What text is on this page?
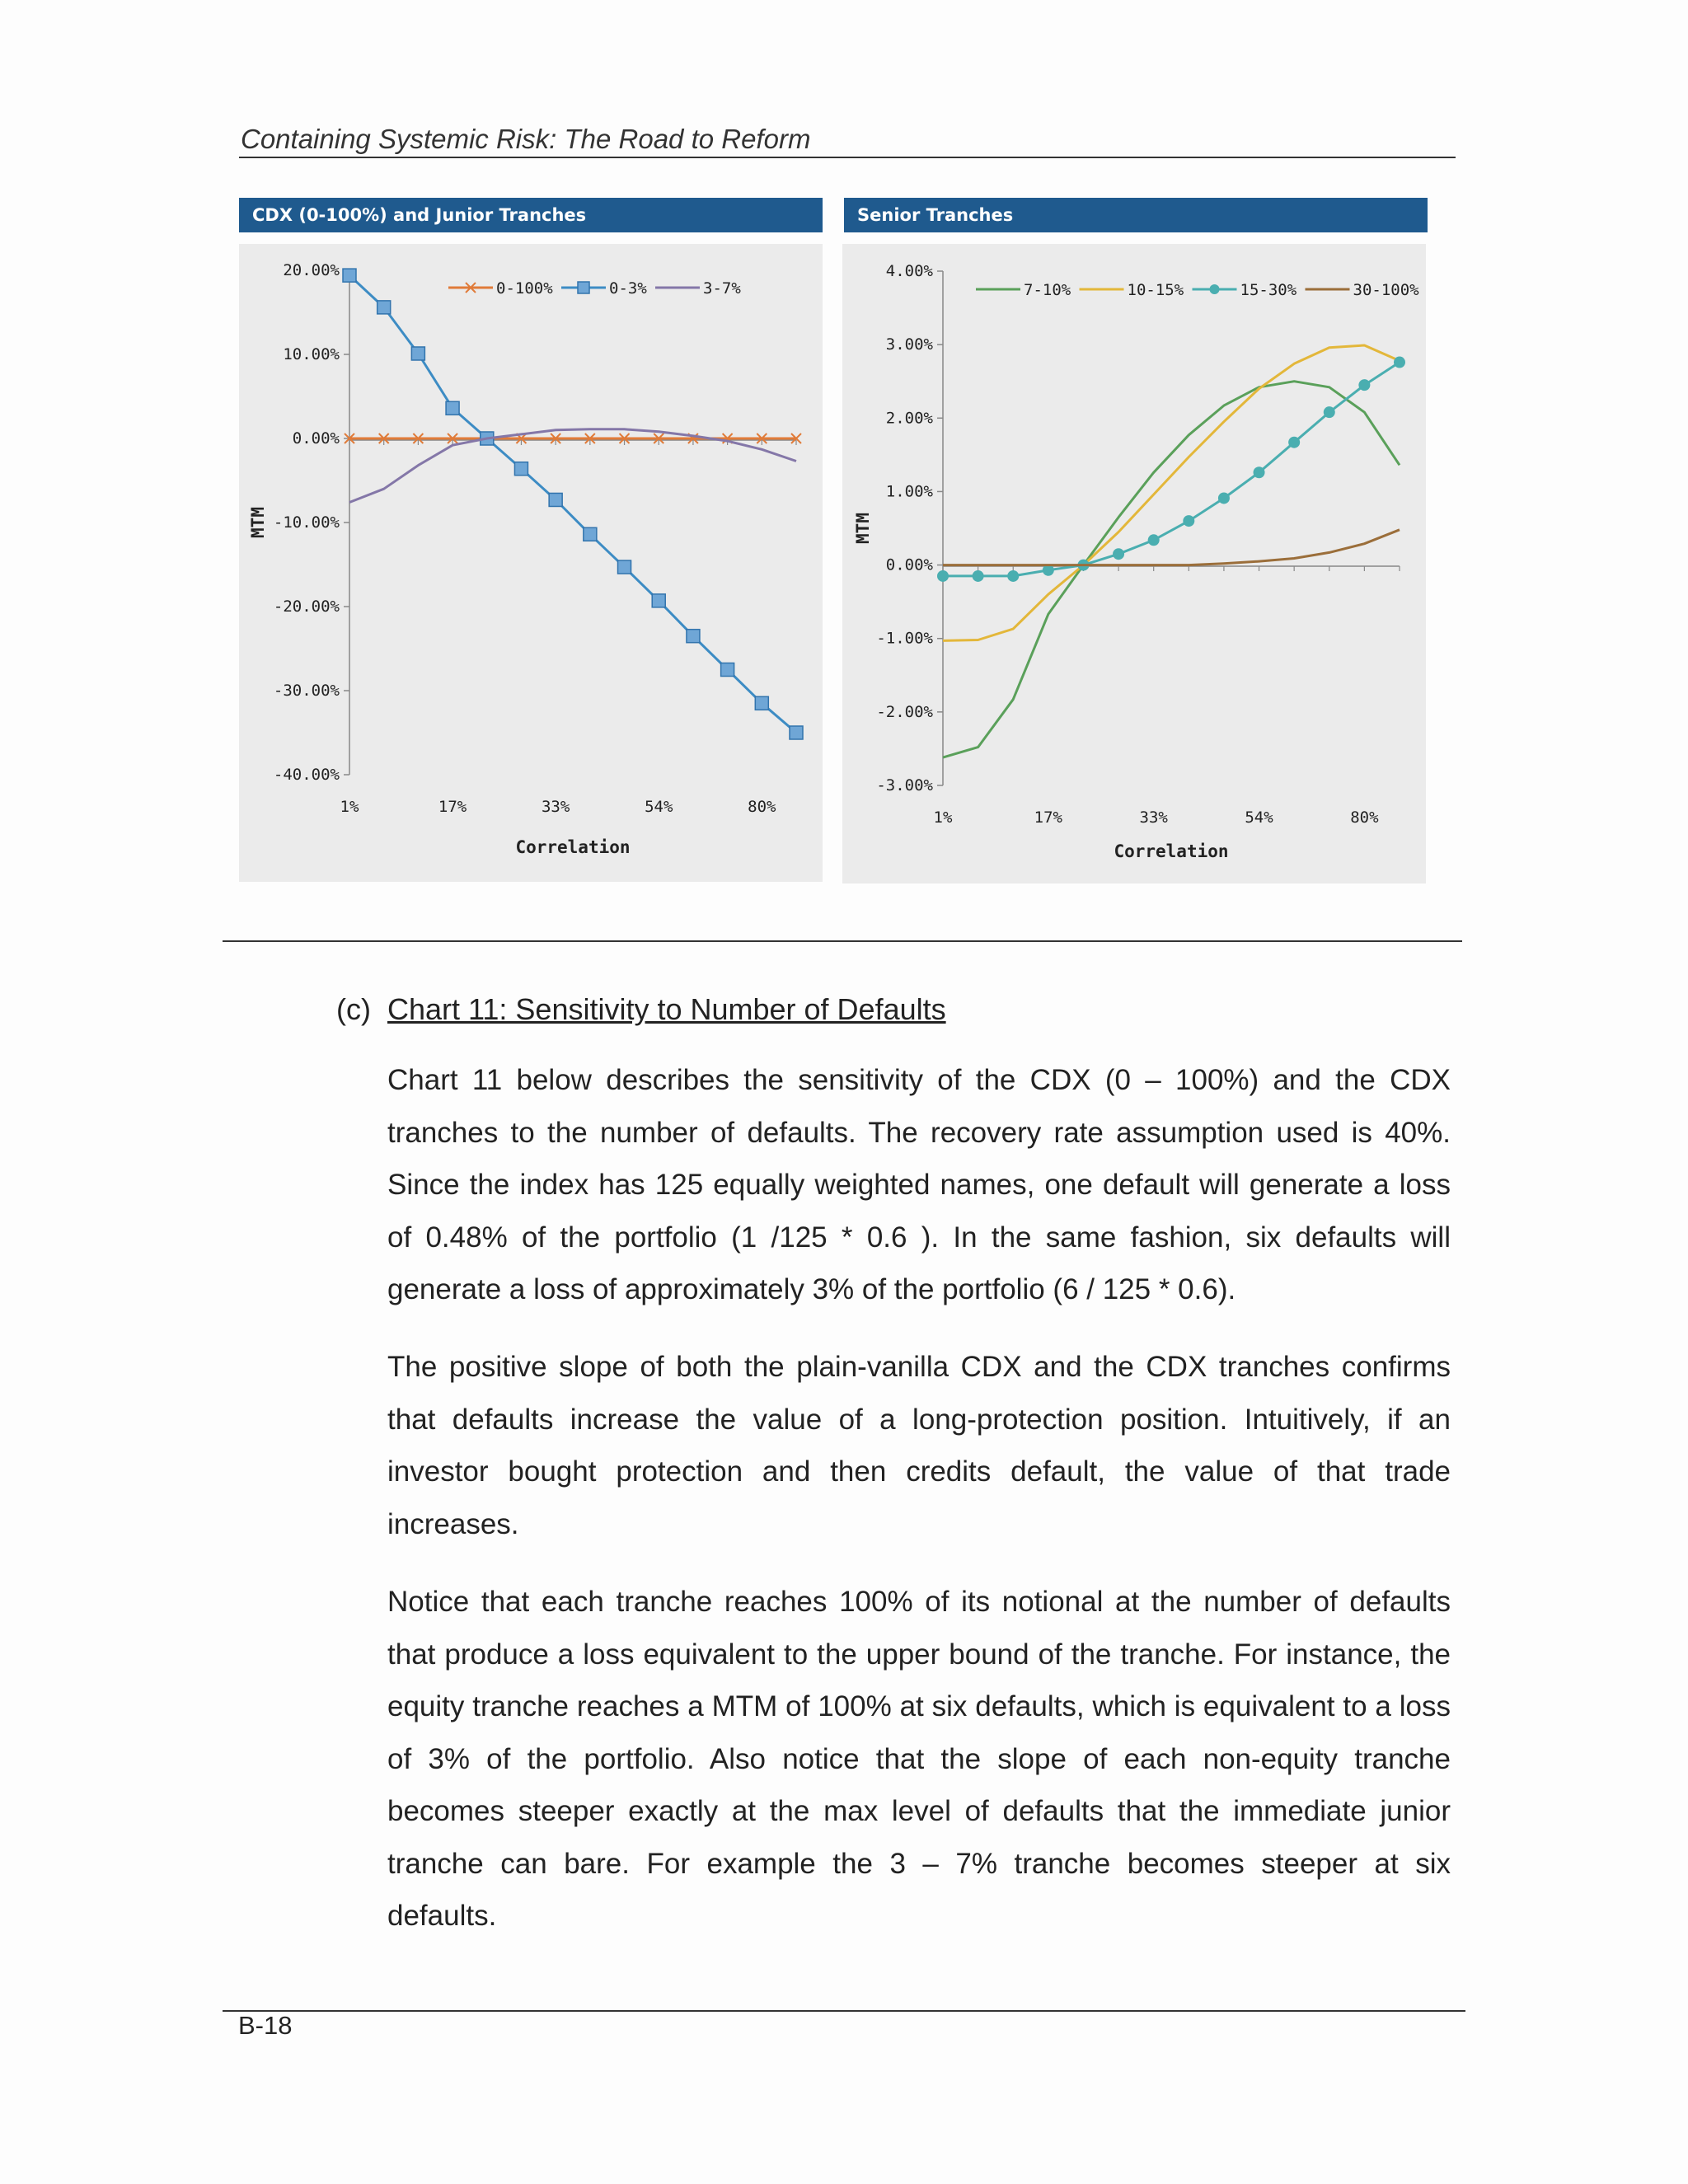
Containing Systemic Risk: The Road to Reform
CDX (0-100%) and Junior Tranches
20.00%
10.00%
0.00%
-10.00%
-20.00%
-30.00%
-40.00%
1%	17%	33%	54%	80%
Correlation
MTM
0-100%	0-3%	3-7%
Senior Tranches
4.00%
3.00%
2.00%
1.00%
0.00%
-1.00%
-2.00%
-3.00%
1%	17%	33%	54%	80%
Correlation
MTM
7-10%	10-15%	15-30%	30-100%
(c) Chart 11: Sensitivity to Number of Defaults

Chart 11 below describes the sensitivity of the CDX (0 – 100%) and the CDX tranches to the number of defaults. The recovery rate assumption used is 40%. Since the index has 125 equally weighted names, one default will generate a loss of 0.48% of the portfolio (1 /125 * 0.6 ). In the same fashion, six defaults will generate a loss of approximately 3% of the portfolio (6 / 125 * 0.6).

The positive slope of both the plain-vanilla CDX and the CDX tranches confirms that defaults increase the value of a long-protection position. Intuitively, if an investor bought protection and then credits default, the value of that trade increases.

Notice that each tranche reaches 100% of its notional at the number of defaults that produce a loss equivalent to the upper bound of the tranche. For instance, the equity tranche reaches a MTM of 100% at six defaults, which is equivalent to a loss of 3% of the portfolio. Also notice that the slope of each non-equity tranche becomes steeper exactly at the max level of defaults that the immediate junior tranche can bare. For example the 3 – 7% tranche becomes steeper at six defaults.

B-18
